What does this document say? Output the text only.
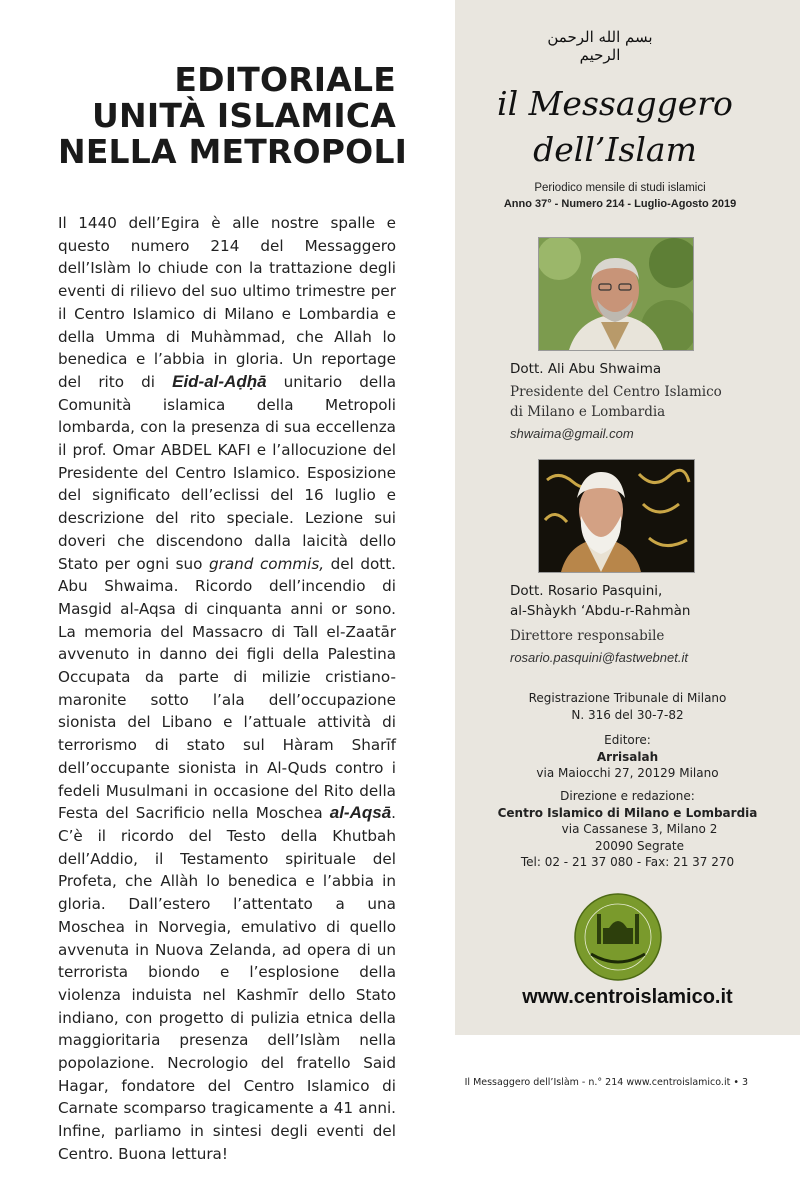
EDITORIALE
UNITÀ ISLAMICA
NELLA METROPOLI

Il 1440 dell’Egira è alle nostre spalle e questo numero 214 del Messaggero dell’Islàm lo chiude con la trattazione degli eventi di rilievo del suo ultimo trimestre per il Centro Islamico di Milano e Lombardia e della Umma di Muhàmmad, che Allah lo benedica e l’abbia in gloria. Un reportage del rito di Eid-al-Aḍḥā unitario della Comunità islamica della Metropoli lombarda, con la presenza di sua eccellenza il prof. Omar ABDEL KAFI e l’allocuzione del Presidente del Centro Islamico. Esposizione del significato dell’eclissi del 16 luglio e descrizione del rito speciale. Lezione sui doveri che discendono dalla laicità dello Stato per ogni suo grand commis, del dott. Abu Shwaima. Ricordo dell’incendio di Masgid al-Aqsa di cinquanta anni or sono. La memoria del Massacro di Tall el-Zaatār avvenuto in danno dei figli della Palestina Occupata da parte di milizie cristiano-maronite sotto l’ala dell’occupazione sionista del Libano e l’attuale attività di terrorismo di stato sul Hàram Sharīf dell’occupante sionista in Al-Quds contro i fedeli Musulmani in occasione del Rito della Festa del Sacrificio nella Moschea al-Aqsā. C’è il ricordo del Testo della Khutbah dell’Addio, il Testamento spirituale del Profeta, che Allàh lo benedica e l’abbia in gloria. Dall’estero l’attentato a una Moschea in Norvegia, emulativo di quello avvenuta in Nuova Zelanda, ad opera di un terrorista biondo e l’esplosione della violenza induista nel Kashmīr dello Stato indiano, con progetto di pulizia etnica della maggioritaria presenza dell’Islàm nella popolazione. Necrologio del fratello Said Hagar, fondatore del Centro Islamico di Carnate scomparso tragicamente a 41 anni. Infine, parliamo in sintesi degli eventi del Centro. Buona lettura!

بسم الله الرحمن الرحيم
il Messaggero
dell’Islam
Periodico mensile di studi islamici
Anno 37° - Numero 214 - Luglio-Agosto 2019
Dott. Ali Abu Shwaima
Presidente del Centro Islamico
di Milano e Lombardia
shwaima@gmail.com
Dott. Rosario Pasquini,
al-Shàykh ‘Abdu-r-Rahmàn
Direttore responsabile
rosario.pasquini@fastwebnet.it
Registrazione Tribunale di Milano
N. 316 del 30-7-82
Editore:
Arrisalah
via Maiocchi 27, 20129 Milano
Direzione e redazione:
Centro Islamico di Milano e Lombardia
via Cassanese 3, Milano 2
20090 Segrate
Tel: 02 - 21 37 080 - Fax: 21 37 270
www.centroislamico.it
Il Messaggero dell’Islàm - n.° 214 www.centroislamico.it • 3
